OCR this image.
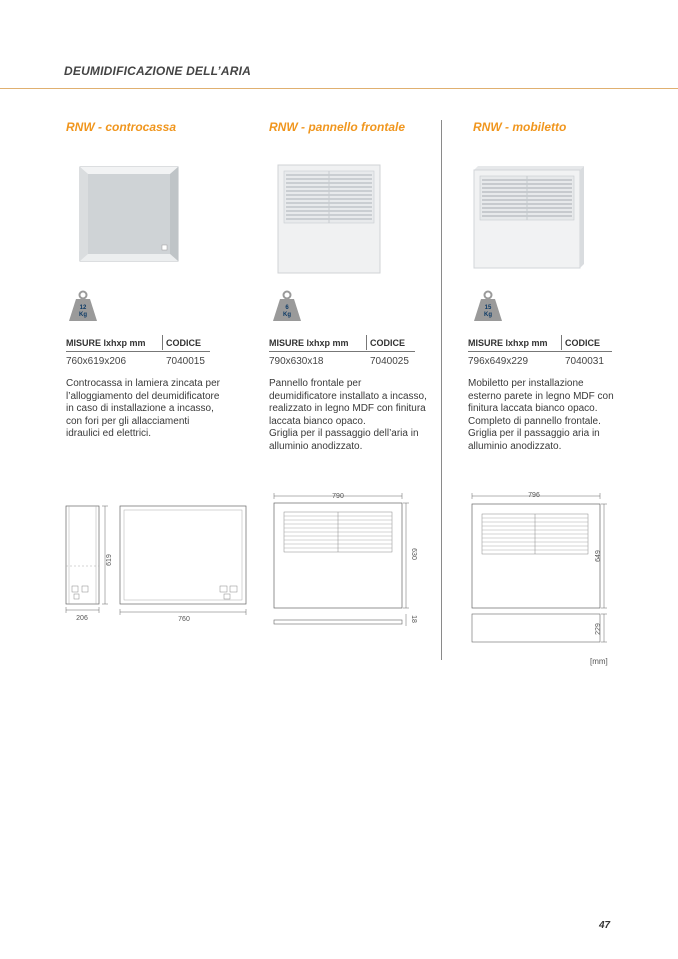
DEUMIDIFICAZIONE DELL’ARIA
RNW - controcassa
12
Kg
MISURE lxhxp mm CODICE
760x619x206	7040015
Controcassa in lamiera zincata per l’alloggiamento del deumidificatore in caso di installazione a incasso, con fori per gli allacciamenti idraulici ed elettrici.
619
206	760
RNW - pannello frontale
6
Kg
MISURE lxhxp mm CODICE
790x630x18	7040025
Pannello frontale per deumidificatore installato a incasso, realizzato in legno MDF con finitura laccata bianco opaco.
Griglia per il passaggio dell’aria in alluminio anodizzato.
790
630
18
RNW - mobiletto
15
Kg
MISURE lxhxp mm CODICE
796x649x229	7040031
Mobiletto per installazione esterno parete in legno MDF con finitura laccata bianco opaco. Completo di pannello frontale. Griglia per il passaggio aria in alluminio anodizzato.
796
649
229
[mm]
47
